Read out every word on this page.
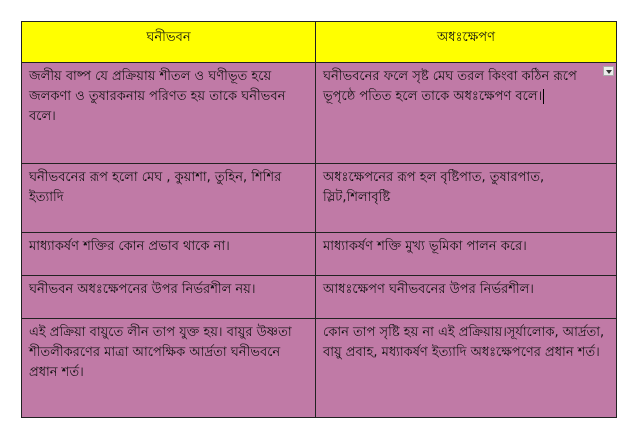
ঘনীভবন	অধঃক্ষেপণ
জলীয় বাষ্প যে প্রক্রিয়ায় শীতল ও ঘণীভূত হয়ে জলকণা ও তুষারকনায় পরিণত হয় তাকে ঘনীভবন বলে।	ঘনীভবনের ফলে সৃষ্ট মেঘ তরল কিংবা কঠিন রূপে ভূপৃষ্ঠে পতিত হলে তাকে অধঃক্ষেপণ বলে।

ঘনীভবনের রূপ হলো মেঘ , কুয়াশা, তুহিন, শিশির ইত্যাদি	অধঃক্ষেপনের রূপ হল বৃষ্টিপাত, তুষারপাত, স্লিট,শিলাবৃষ্টি
মাধ্যাকর্ষণ শক্তির কোন প্রভাব থাকে না।	মাধ্যাকর্ষণ শক্তি মুখ্য ভূমিকা পালন করে।
ঘনীভবন অধঃক্ষেপনের উপর নির্ভরশীল নয়।	আধঃক্ষেপণ ঘনীভবনের উপর নির্ভরশীল।
এই প্রক্রিয়া বায়ুতে লীন তাপ যুক্ত হয়। বায়ুর উষ্ণতা শীতলীকরণের মাত্রা আপেক্ষিক আর্দ্রতা ঘনীভবনে প্রধান শর্ত।	কোন তাপ সৃষ্টি হয় না এই প্রক্রিয়ায়।সূর্যালোক, আর্দ্রতা, বায়ু প্রবাহ, মধ্যাকর্ষণ ইত্যাদি অধঃক্ষেপণের প্রধান শর্ত।
